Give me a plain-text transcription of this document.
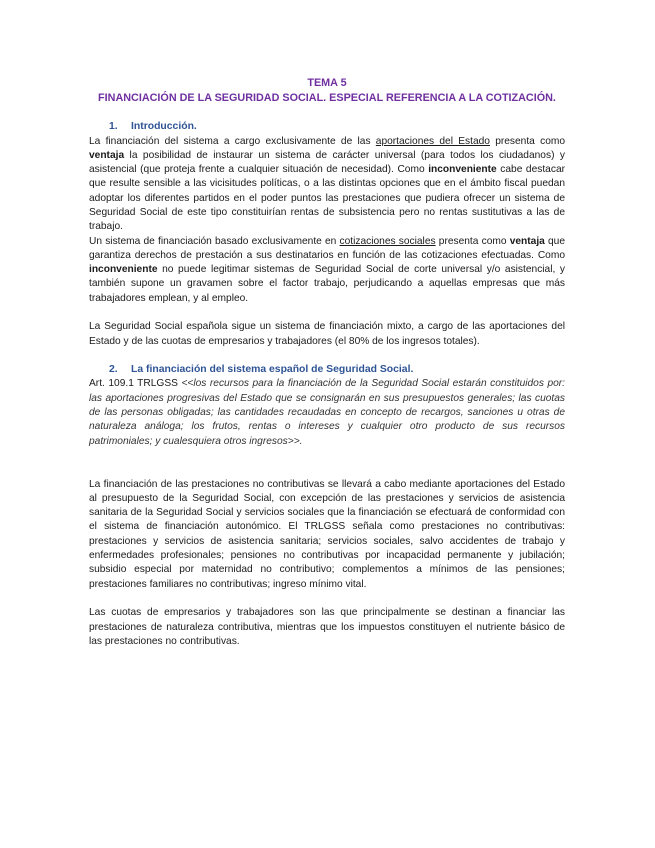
TEMA 5
FINANCIACIÓN DE LA SEGURIDAD SOCIAL. ESPECIAL REFERENCIA A LA COTIZACIÓN.
1. Introducción.

La financiación del sistema a cargo exclusivamente de las aportaciones del Estado presenta como ventaja la posibilidad de instaurar un sistema de carácter universal (para todos los ciudadanos) y asistencial (que proteja frente a cualquier situación de necesidad). Como inconveniente cabe destacar que resulte sensible a las vicisitudes políticas, o a las distintas opciones que en el ámbito fiscal puedan adoptar los diferentes partidos en el poder puntos las prestaciones que pudiera ofrecer un sistema de Seguridad Social de este tipo constituirían rentas de subsistencia pero no rentas sustitutivas a las de trabajo.

Un sistema de financiación basado exclusivamente en cotizaciones sociales presenta como ventaja que garantiza derechos de prestación a sus destinatarios en función de las cotizaciones efectuadas. Como inconveniente no puede legitimar sistemas de Seguridad Social de corte universal y/o asistencial, y también supone un gravamen sobre el factor trabajo, perjudicando a aquellas empresas que más trabajadores emplean, y al empleo.

La Seguridad Social española sigue un sistema de financiación mixto, a cargo de las aportaciones del Estado y de las cuotas de empresarios y trabajadores (el 80% de los ingresos totales).

2. La financiación del sistema español de Seguridad Social.

Art. 109.1 TRLGSS <<los recursos para la financiación de la Seguridad Social estarán constituidos por: las aportaciones progresivas del Estado que se consignarán en sus presupuestos generales; las cuotas de las personas obligadas; las cantidades recaudadas en concepto de recargos, sanciones u otras de naturaleza análoga; los frutos, rentas o intereses y cualquier otro producto de sus recursos patrimoniales; y cualesquiera otros ingresos>>.

La financiación de las prestaciones no contributivas se llevará a cabo mediante aportaciones del Estado al presupuesto de la Seguridad Social, con excepción de las prestaciones y servicios de asistencia sanitaria de la Seguridad Social y servicios sociales que la financiación se efectuará de conformidad con el sistema de financiación autonómico. El TRLGSS señala como prestaciones no contributivas: prestaciones y servicios de asistencia sanitaria; servicios sociales, salvo accidentes de trabajo y enfermedades profesionales; pensiones no contributivas por incapacidad permanente y jubilación; subsidio especial por maternidad no contributivo; complementos a mínimos de las pensiones; prestaciones familiares no contributivas; ingreso mínimo vital.

Las cuotas de empresarios y trabajadores son las que principalmente se destinan a financiar las prestaciones de naturaleza contributiva, mientras que los impuestos constituyen el nutriente básico de las prestaciones no contributivas.
